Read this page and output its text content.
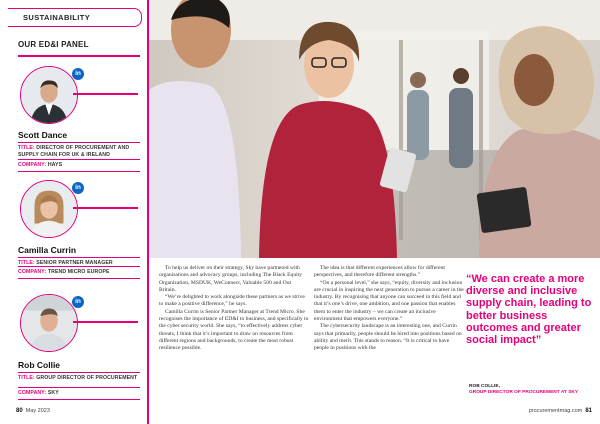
SUSTAINABILITY
OUR ED&I PANEL
in
Scott Dance
TITLE: DIRECTOR OF PROCUREMENT AND SUPPLY CHAIN FOR UK & IRELAND
COMPANY: HAYS
in
Camilla Currin
TITLE: SENIOR PARTNER MANAGER
COMPANY: TREND MICRO EUROPE
in
Rob Collie
TITLE: GROUP DIRECTOR OF PROCUREMENT
COMPANY: SKY

To help us deliver on their strategy, Sky have partnered with organisations and advocacy groups, including The Black Equity Organization, MSDUK, WeConnect, Valuable 500 and Out Britain.

“We’re delighted to work alongside these partners as we strive to make a positive difference,” he says.

Camilla Currin is Senior Partner Manager at Trend Micro. She recognises the importance of ED&I to business, and specifically to the cyber security world. She says, “to effectively address cyber threats, I think that it’s important to draw on resources from different regions and backgrounds, to create the most robust resilience possible.

The idea is that different experiences allow for different perspectives, and therefore different strengths.”

“On a personal level,” she says, “equity, diversity and inclusion are crucial in inspiring the next generation to pursue a career in the industry. By recognising that anyone can succeed in this field and that it’s one’s drive, one ambition, and one passion that enables them to enter the industry – we can create an inclusive environment that empowers everyone.”

The cybersecurity landscape is an interesting one, and Currin says that primarily, people should be hired into positions based on ability and merit. This stands to reason. “It is critical to have people in positions with the

“We can create a more diverse and inclusive supply chain, leading to better business outcomes and greater social impact”
ROB COLLIE,
GROUP DIRECTOR OF PROCUREMENT AT SKY
80 May 2023	procurementmag.com 81
